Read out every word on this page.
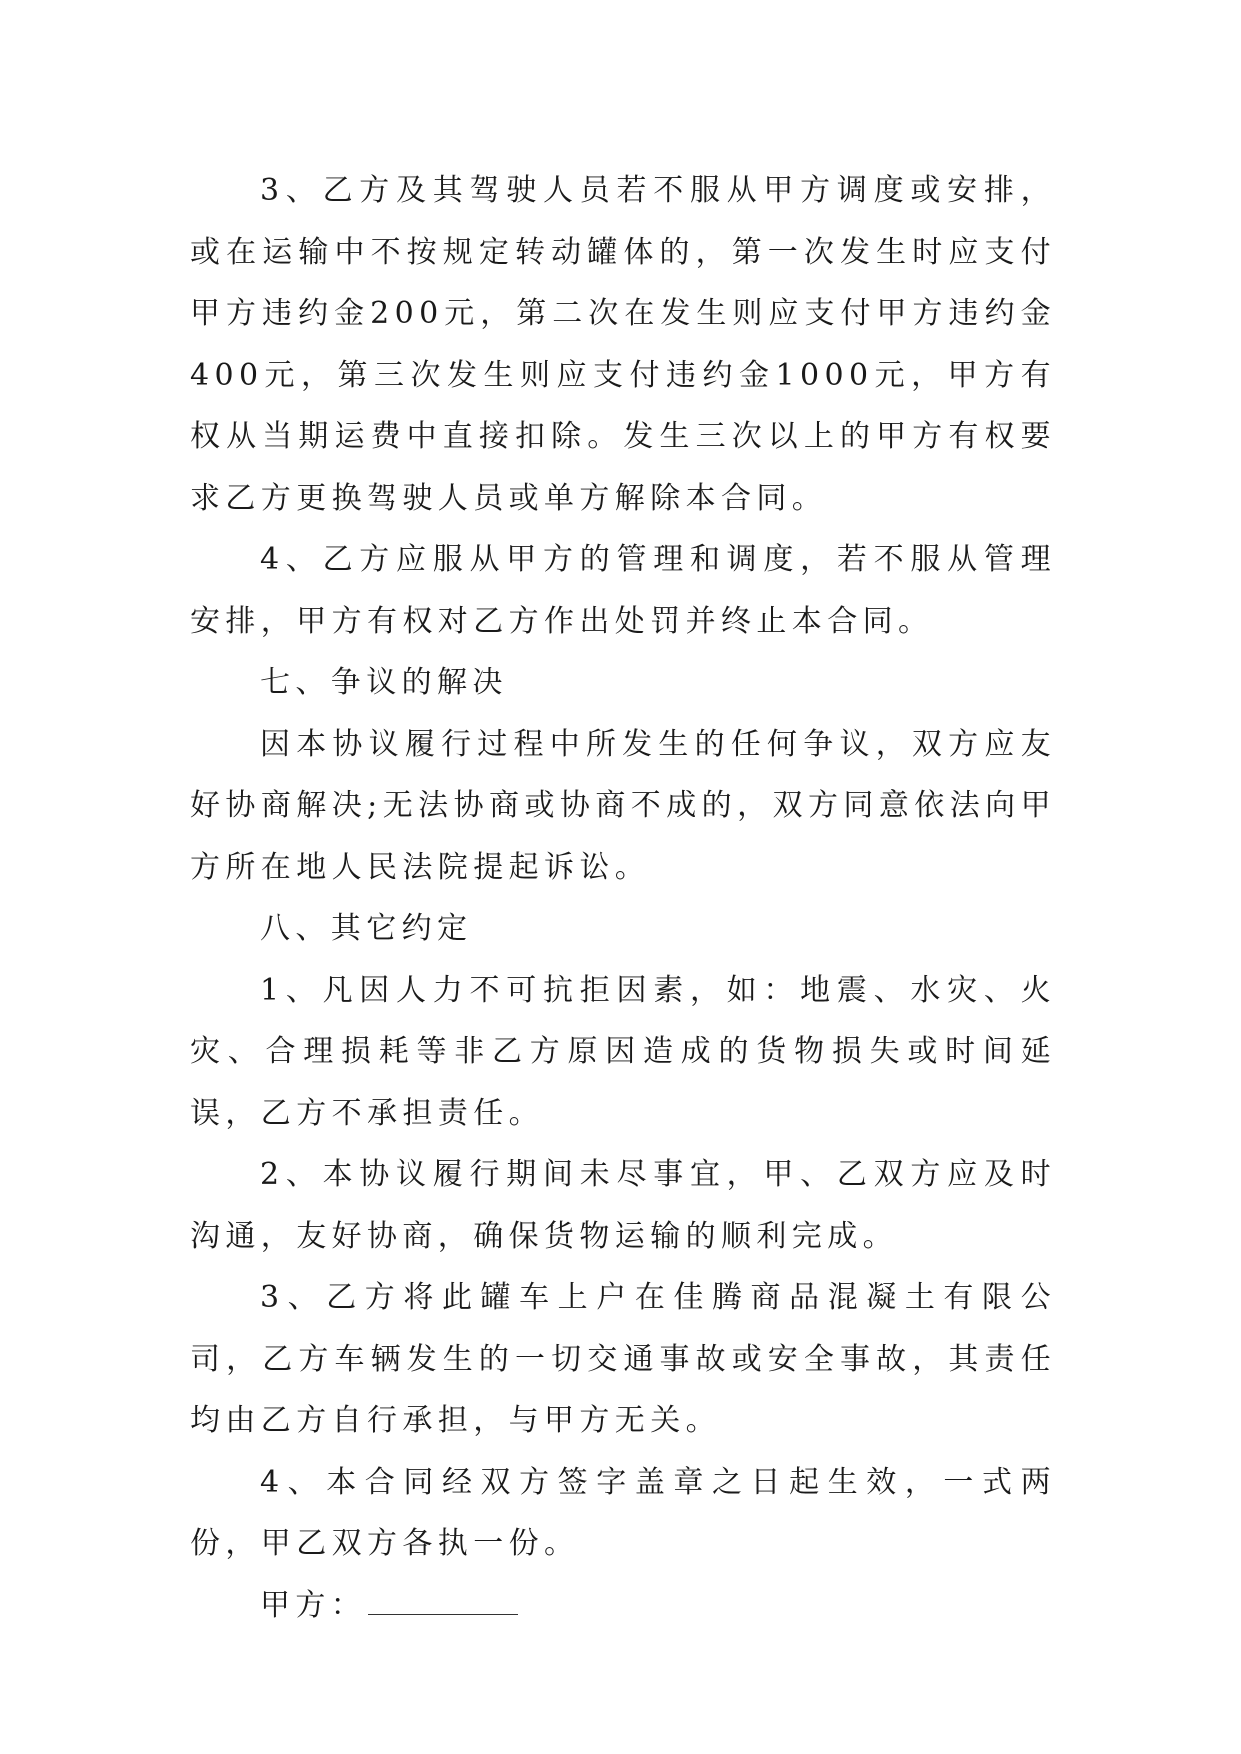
3、乙方及其驾驶人员若不服从甲方调度或安排，或在运输中不按规定转动罐体的，第一次发生时应支付甲方违约金200元，第二次在发生则应支付甲方违约金400元，第三次发生则应支付违约金1000元，甲方有权从当期运费中直接扣除。发生三次以上的甲方有权要求乙方更换驾驶人员或单方解除本合同。

4、乙方应服从甲方的管理和调度，若不服从管理安排，甲方有权对乙方作出处罚并终止本合同。

七、争议的解决

因本协议履行过程中所发生的任何争议，双方应友好协商解决;无法协商或协商不成的，双方同意依法向甲方所在地人民法院提起诉讼。

八、其它约定

1、凡因人力不可抗拒因素，如：地震、水灾、火灾、合理损耗等非乙方原因造成的货物损失或时间延误，乙方不承担责任。

2、本协议履行期间未尽事宜，甲、乙双方应及时沟通，友好协商，确保货物运输的顺利完成。

3、乙方将此罐车上户在佳腾商品混凝土有限公司，乙方车辆发生的一切交通事故或安全事故，其责任均由乙方自行承担，与甲方无关。

4、本合同经双方签字盖章之日起生效，一式两份，甲乙双方各执一份。

甲方：
